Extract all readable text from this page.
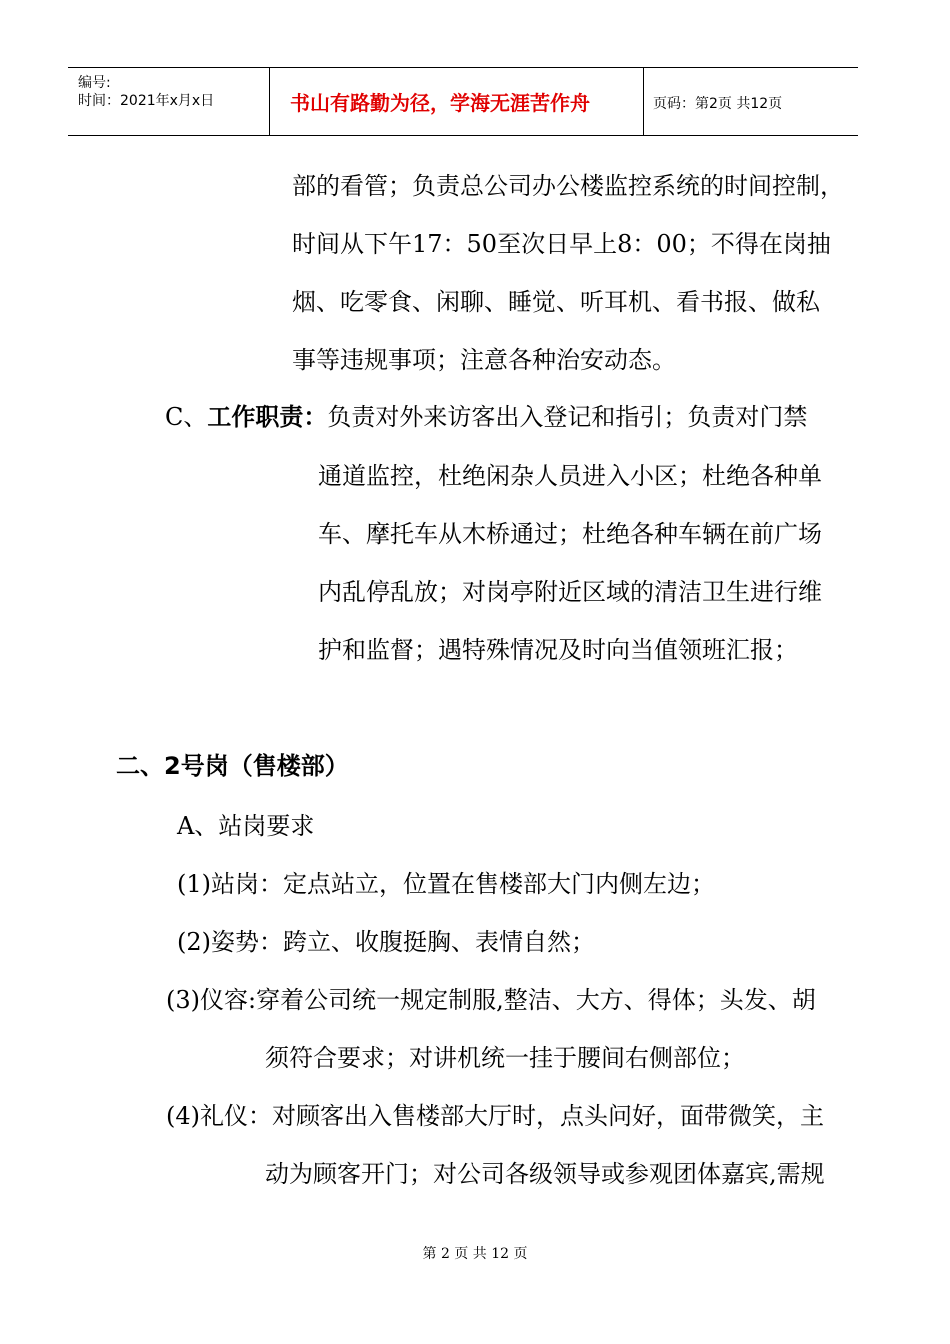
编号:
时间：2021年x月x日	书山有路勤为径，学海无涯苦作舟	页码：第2页 共12页
部的看管；负责总公司办公楼监控系统的时间控制，
时间从下午17：50至次日早上8：00；不得在岗抽
烟、吃零食、闲聊、睡觉、听耳机、看书报、做私
事等违规事项；注意各种治安动态。
C、工作职责：负责对外来访客出入登记和指引；负责对门禁
通道监控，杜绝闲杂人员进入小区；杜绝各种单
车、摩托车从木桥通过；杜绝各种车辆在前广场
内乱停乱放；对岗亭附近区域的清洁卫生进行维
护和监督；遇特殊情况及时向当值领班汇报；
二、2号岗（售楼部）
A、站岗要求
(1)站岗：定点站立，位置在售楼部大门内侧左边；
(2)姿势：跨立、收腹挺胸、表情自然；
(3)仪容:穿着公司统一规定制服,整洁、大方、得体；头发、胡
须符合要求；对讲机统一挂于腰间右侧部位；
(4)礼仪：对顾客出入售楼部大厅时，点头问好，面带微笑，主
动为顾客开门；对公司各级领导或参观团体嘉宾,需规
第 2 页 共 12 页
